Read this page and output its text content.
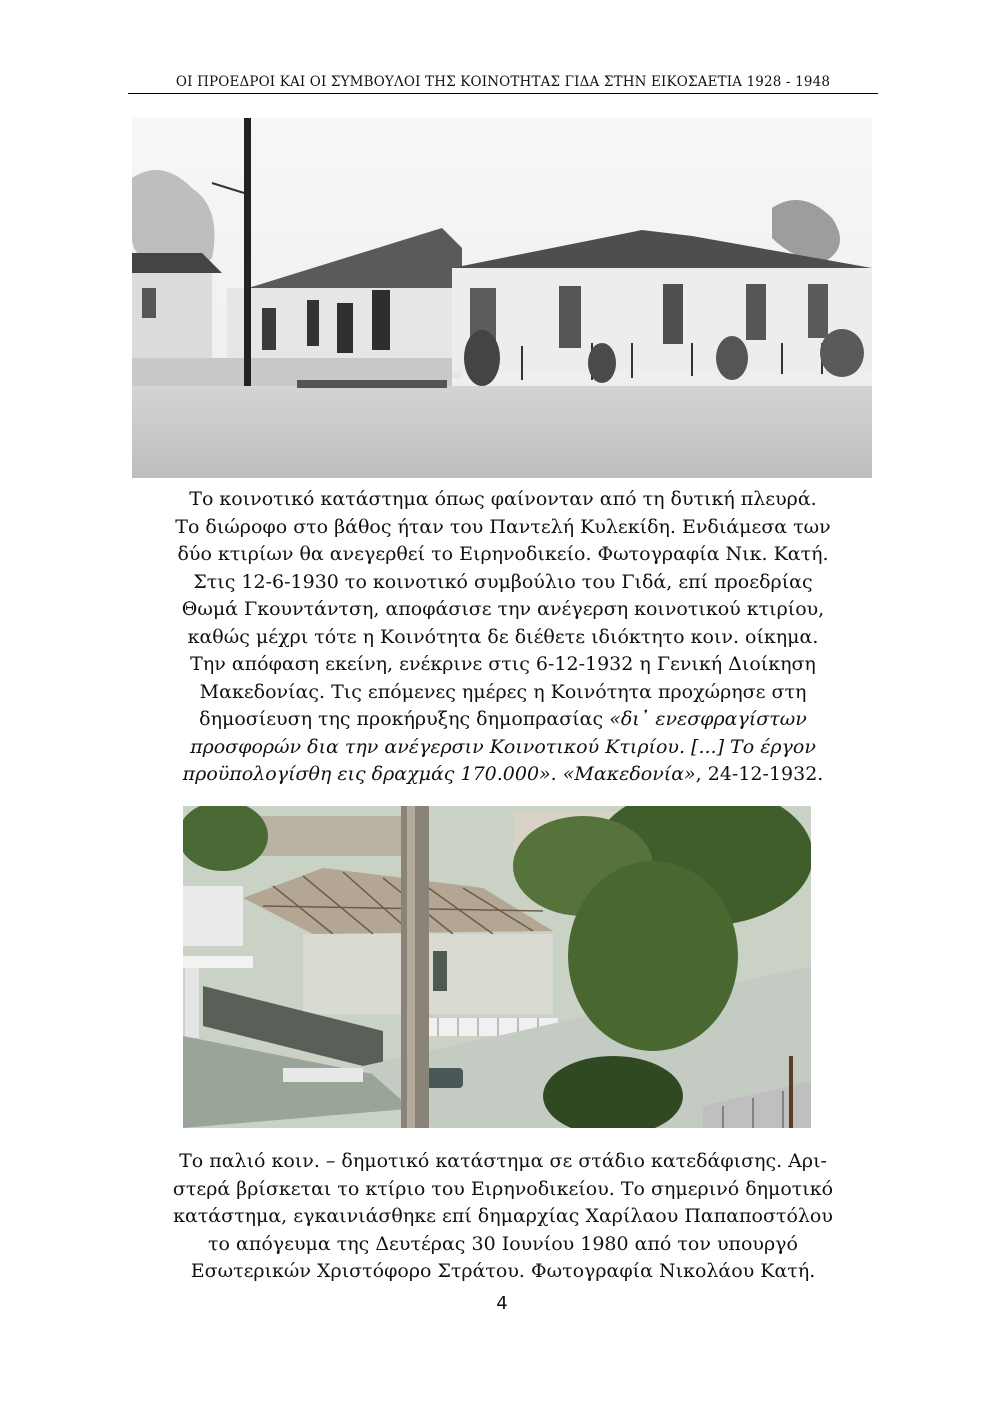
ΟΙ ΠΡΟΕΔΡΟΙ ΚΑΙ ΟΙ ΣΥΜΒΟΥΛΟΙ ΤΗΣ ΚΟΙΝΟΤΗΤΑΣ ΓΙΔΑ ΣΤΗΝ ΕΙΚΟΣΑΕΤΙΑ 1928 - 1948
Το κοινοτικό κατάστημα όπως φαίνονταν από τη δυτική πλευρά.
Το διώροφο στο βάθος ήταν του Παντελή Κυλεκίδη. Ενδιάμεσα των
δύο κτιρίων θα ανεγερθεί το Ειρηνοδικείο. Φωτογραφία Νικ. Κατή.
Στις 12-6-1930 το κοινοτικό συμβούλιο του Γιδά, επί προεδρίας
Θωμά Γκουντάντση, αποφάσισε την ανέγερση κοινοτικού κτιρίου,
καθώς μέχρι τότε η Κοινότητα δε διέθετε ιδιόκτητο κοιν. οίκημα.
Την απόφαση εκείνη, ενέκρινε στις 6-12-1932 η Γενική Διοίκηση
Μακεδονίας. Τις επόμενες ημέρες η Κοινότητα προχώρησε στη
δημοσίευση της προκήρυξης δημοπρασίας «δι᾽ ενεσφραγίστων
προσφορών δια την ανέγερσιν Κοινοτικού Κτιρίου. [...] Το έργον
προϋπολογίσθη εις δραχμάς 170.000». «Μακεδονία», 24-12-1932.
Το παλιό κοιν. – δημοτικό κατάστημα σε στάδιο κατεδάφισης. Αρι-
στερά βρίσκεται το κτίριο του Ειρηνοδικείου. Το σημερινό δημοτικό
κατάστημα, εγκαινιάσθηκε επί δημαρχίας Χαρίλαου Παπαποστόλου
το απόγευμα της Δευτέρας 30 Ιουνίου 1980 από τον υπουργό
Εσωτερικών Χριστόφορο Στράτου. Φωτογραφία Νικολάου Κατή.
4
